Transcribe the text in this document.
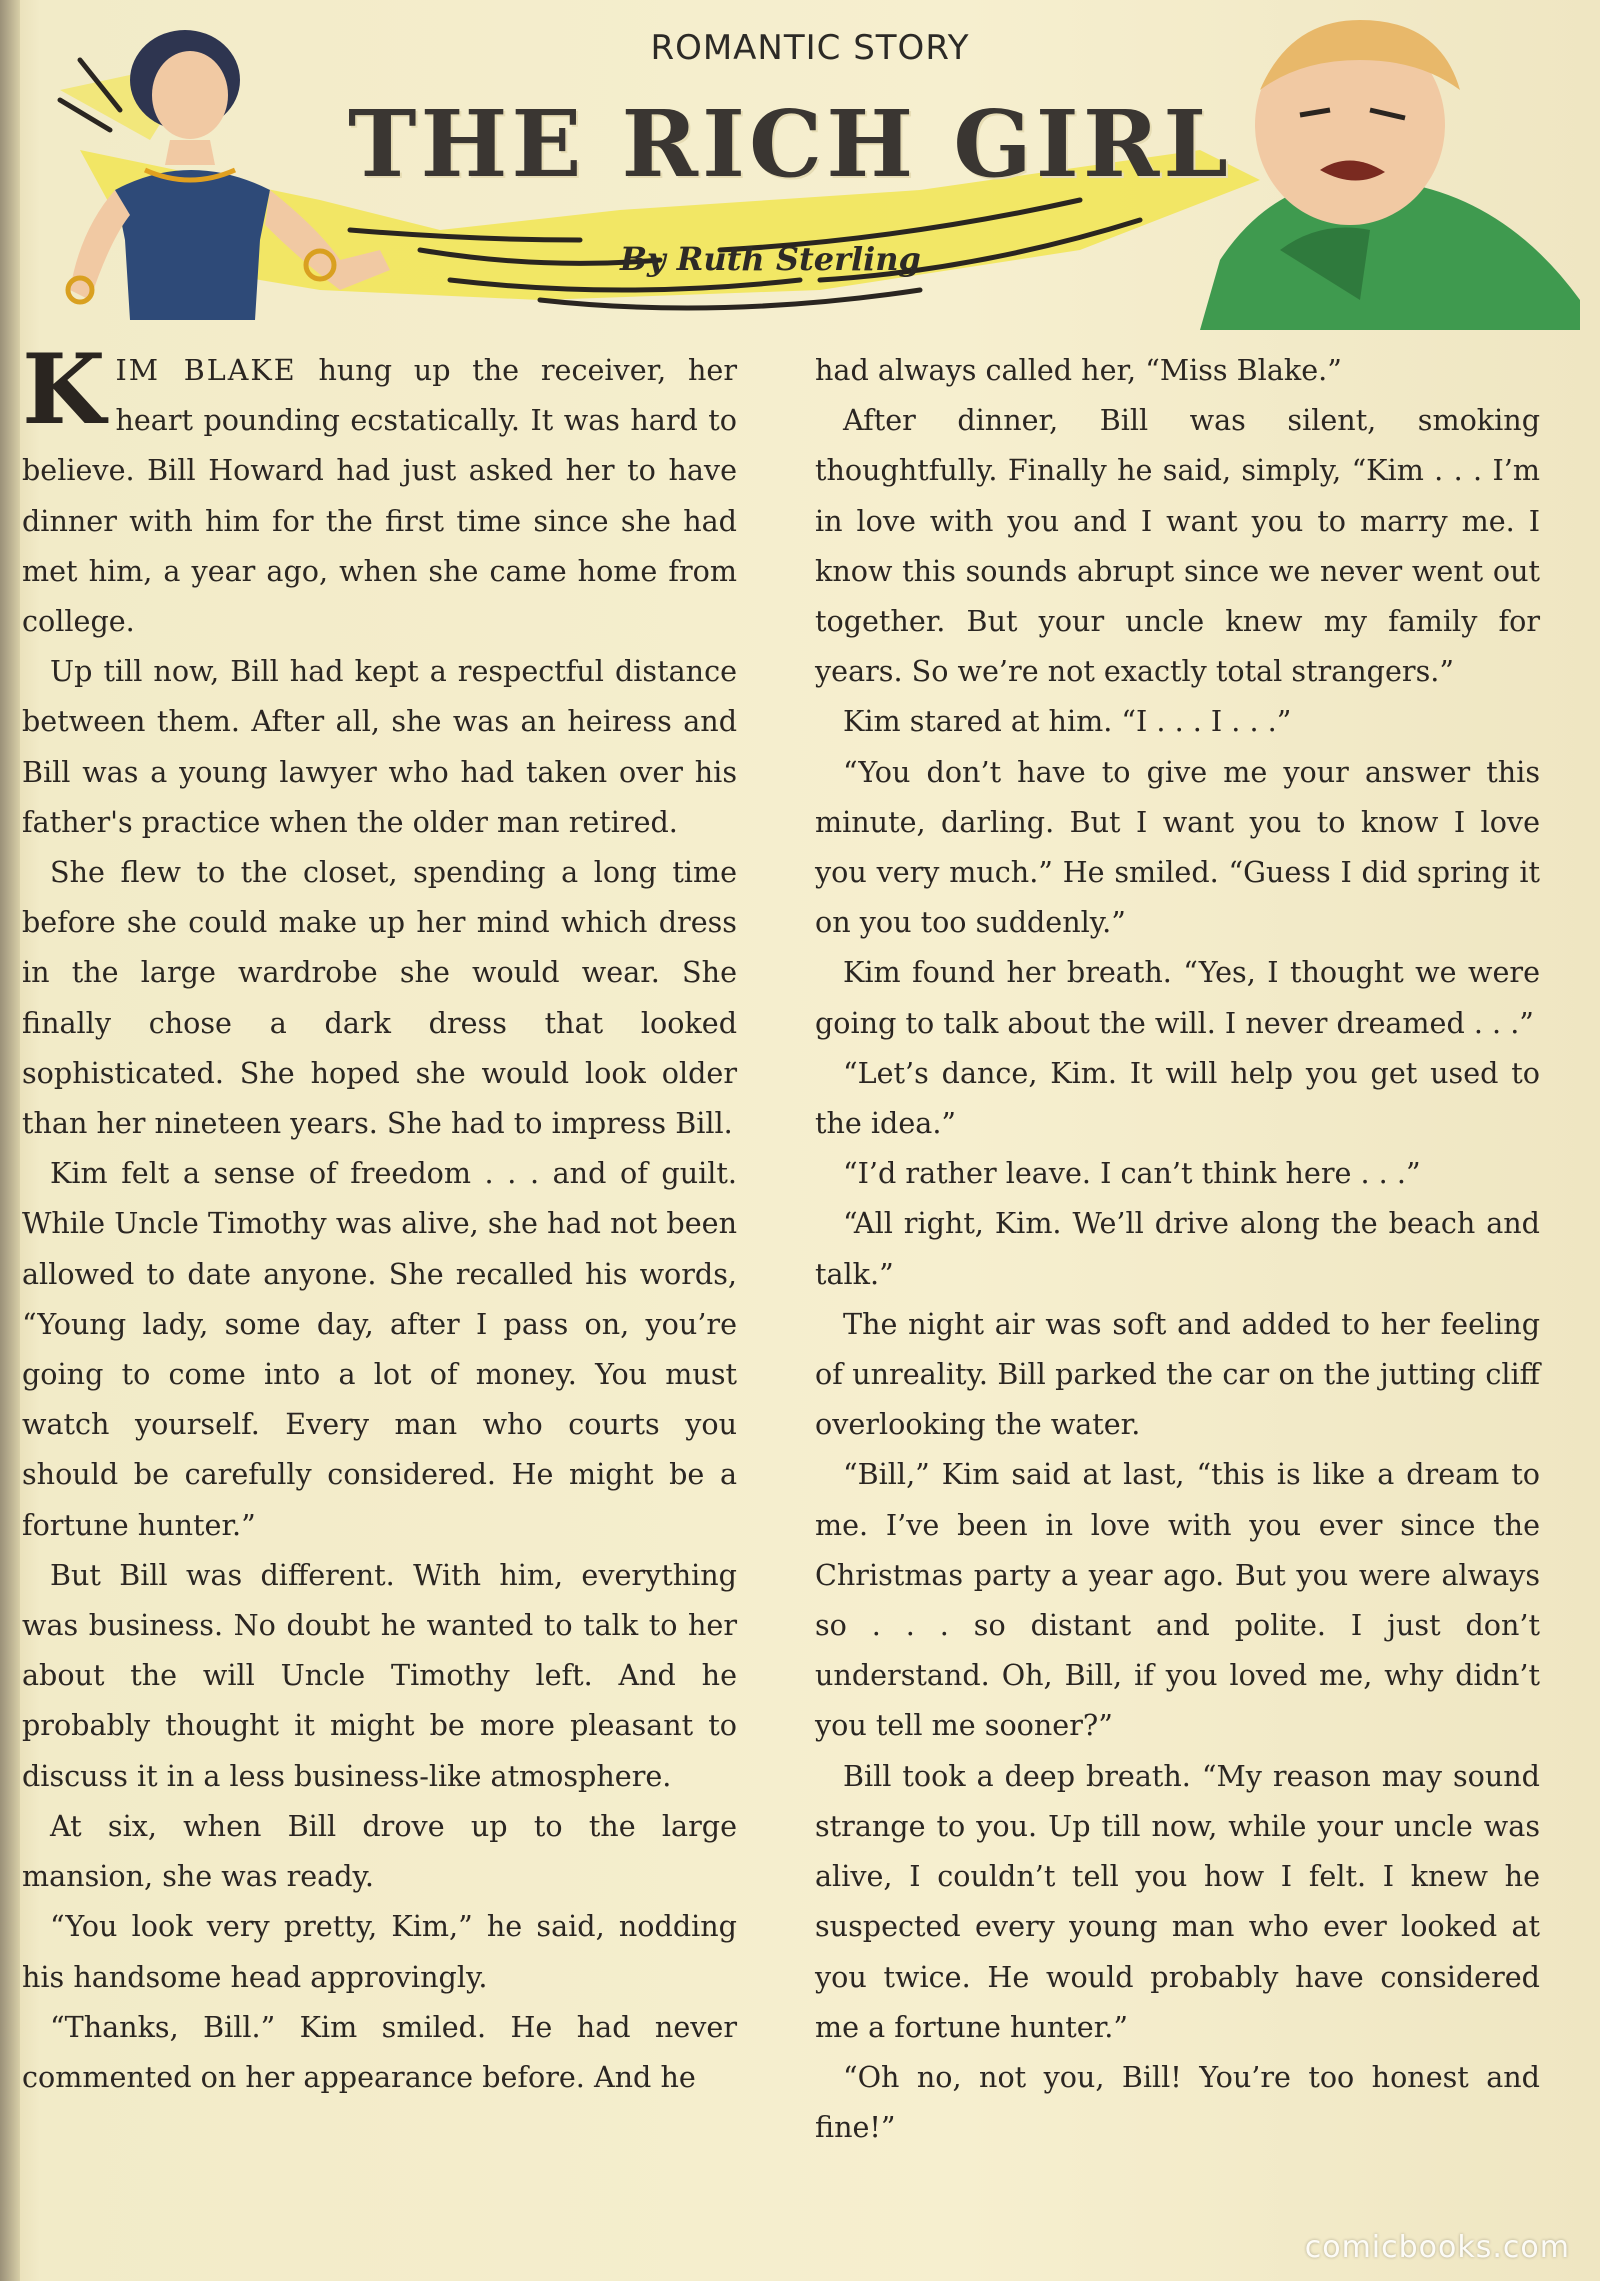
ROMANTIC STORY
THE RICH GIRL
By Ruth Sterling

KIM BLAKE hung up the receiver, her heart pounding ecstatically. It was hard to believe. Bill Howard had just asked her to have dinner with him for the first time since she had met him, a year ago, when she came home from college.

Up till now, Bill had kept a respectful distance between them. After all, she was an heiress and Bill was a young lawyer who had taken over his father's practice when the older man retired.

She flew to the closet, spending a long time before she could make up her mind which dress in the large wardrobe she would wear. She finally chose a dark dress that looked sophisticated. She hoped she would look older than her nineteen years. She had to impress Bill.

Kim felt a sense of freedom . . . and of guilt. While Uncle Timothy was alive, she had not been allowed to date anyone. She recalled his words, “Young lady, some day, after I pass on, you’re going to come into a lot of money. You must watch yourself. Every man who courts you should be carefully considered. He might be a fortune hunter.”

But Bill was different. With him, everything was business. No doubt he wanted to talk to her about the will Uncle Timothy left. And he probably thought it might be more pleasant to discuss it in a less business-like atmosphere.

At six, when Bill drove up to the large mansion, she was ready.

“You look very pretty, Kim,” he said, nodding his handsome head approvingly.

“Thanks, Bill.” Kim smiled. He had never commented on her appearance before. And he

had always called her, “Miss Blake.”

After dinner, Bill was silent, smoking thoughtfully. Finally he said, simply, “Kim . . . I’m in love with you and I want you to marry me. I know this sounds abrupt since we never went out together. But your uncle knew my family for years. So we’re not exactly total strangers.”

Kim stared at him. “I . . . I . . .”

“You don’t have to give me your answer this minute, darling. But I want you to know I love you very much.” He smiled. “Guess I did spring it on you too suddenly.”

Kim found her breath. “Yes, I thought we were going to talk about the will. I never dreamed . . .”

“Let’s dance, Kim. It will help you get used to the idea.”

“I’d rather leave. I can’t think here . . .”

“All right, Kim. We’ll drive along the beach and talk.”

The night air was soft and added to her feeling of unreality. Bill parked the car on the jutting cliff overlooking the water.

“Bill,” Kim said at last, “this is like a dream to me. I’ve been in love with you ever since the Christmas party a year ago. But you were always so . . . so distant and polite. I just don’t understand. Oh, Bill, if you loved me, why didn’t you tell me sooner?”

Bill took a deep breath. “My reason may sound strange to you. Up till now, while your uncle was alive, I couldn’t tell you how I felt. I knew he suspected every young man who ever looked at you twice. He would probably have considered me a fortune hunter.”

“Oh no, not you, Bill! You’re too honest and fine!”

comicbooks.com
